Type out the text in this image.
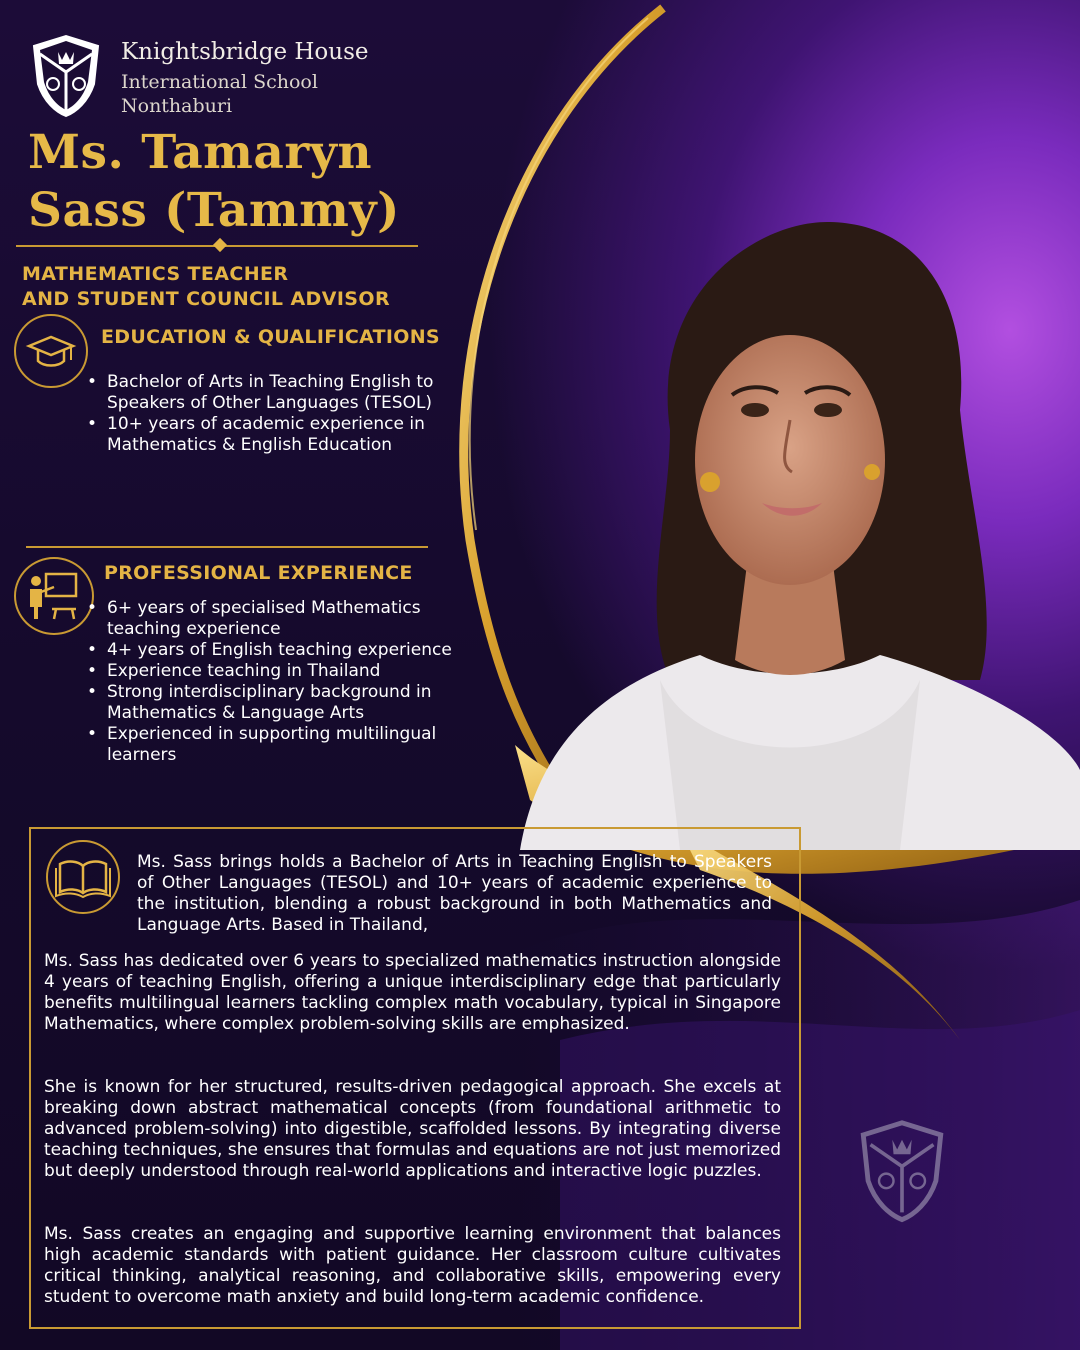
Knightsbridge House
International School
Nonthaburi
Ms. Tamaryn
Sass (Tammy)
MATHEMATICS TEACHER
AND STUDENT COUNCIL ADVISOR
EDUCATION & QUALIFICATIONS
• Bachelor of Arts in Teaching English to Speakers of Other Languages (TESOL)
• 10+ years of academic experience in Mathematics & English Education
PROFESSIONAL EXPERIENCE
• 6+ years of specialised Mathematics teaching experience
• 4+ years of English teaching experience
• Experience teaching in Thailand
• Strong interdisciplinary background in Mathematics & Language Arts
• Experienced in supporting multilingual learners
Ms. Sass brings holds a Bachelor of Arts in Teaching English to Speakers of Other Languages (TESOL) and 10+ years of academic experience to the institution, blending a robust background in both Mathematics and Language Arts. Based in Thailand,
Ms. Sass has dedicated over 6 years to specialized mathematics instruction alongside 4 years of teaching English, offering a unique interdisciplinary edge that particularly benefits multilingual learners tackling complex math vocabulary, typical in Singapore Mathematics, where complex problem-solving skills are emphasized.
She is known for her structured, results-driven pedagogical approach. She excels at breaking down abstract mathematical concepts (from foundational arithmetic to advanced problem-solving) into digestible, scaffolded lessons. By integrating diverse teaching techniques, she ensures that formulas and equations are not just memorized but deeply understood through real-world applications and interactive logic puzzles.
Ms. Sass creates an engaging and supportive learning environment that balances high academic standards with patient guidance. Her classroom culture cultivates critical thinking, analytical reasoning, and collaborative skills, empowering every student to overcome math anxiety and build long-term academic confidence.
